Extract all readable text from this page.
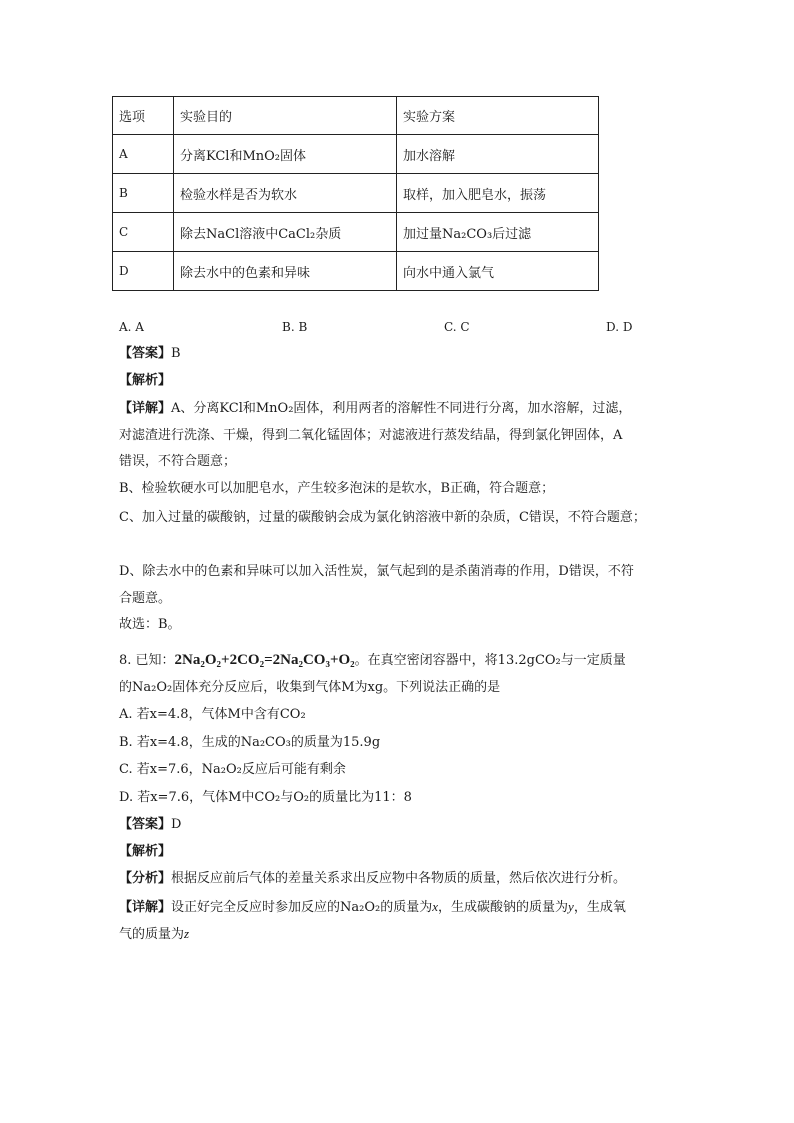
选项	实验目的	实验方案
A	分离KCl和MnO₂固体	加水溶解
B	检验水样是否为软水	取样，加入肥皂水，振荡
C	除去NaCl溶液中CaCl₂杂质	加过量Na₂CO₃后过滤
D	除去水中的色素和异味	向水中通入氯气
A. A	B. B	C. C	D. D
【答案】B
【解析】
【详解】A、分离KCl和MnO₂固体，利用两者的溶解性不同进行分离，加水溶解，过滤，
对滤渣进行洗涤、干燥，得到二氧化锰固体；对滤液进行蒸发结晶，得到氯化钾固体，A
错误，不符合题意；
B、检验软硬水可以加肥皂水，产生较多泡沫的是软水，B正确，符合题意；
C、加入过量的碳酸钠，过量的碳酸钠会成为氯化钠溶液中新的杂质，C错误，不符合题意；
D、除去水中的色素和异味可以加入活性炭，氯气起到的是杀菌消毒的作用，D错误，不符
合题意。
故选：B。
8. 已知：2Na₂O₂+2CO₂=2Na₂CO₃+O₂。在真空密闭容器中，将13.2gCO₂与一定质量
的Na₂O₂固体充分反应后，收集到气体M为xg。下列说法正确的是
A. 若x=4.8，气体M中含有CO₂
B. 若x=4.8，生成的Na₂CO₃的质量为15.9g
C. 若x=7.6，Na₂O₂反应后可能有剩余
D. 若x=7.6，气体M中CO₂与O₂的质量比为11：8
【答案】D
【解析】
【分析】根据反应前后气体的差量关系求出反应物中各物质的质量，然后依次进行分析。
【详解】设正好完全反应时参加反应的Na₂O₂的质量为x，生成碳酸钠的质量为y，生成氧
气的质量为z
